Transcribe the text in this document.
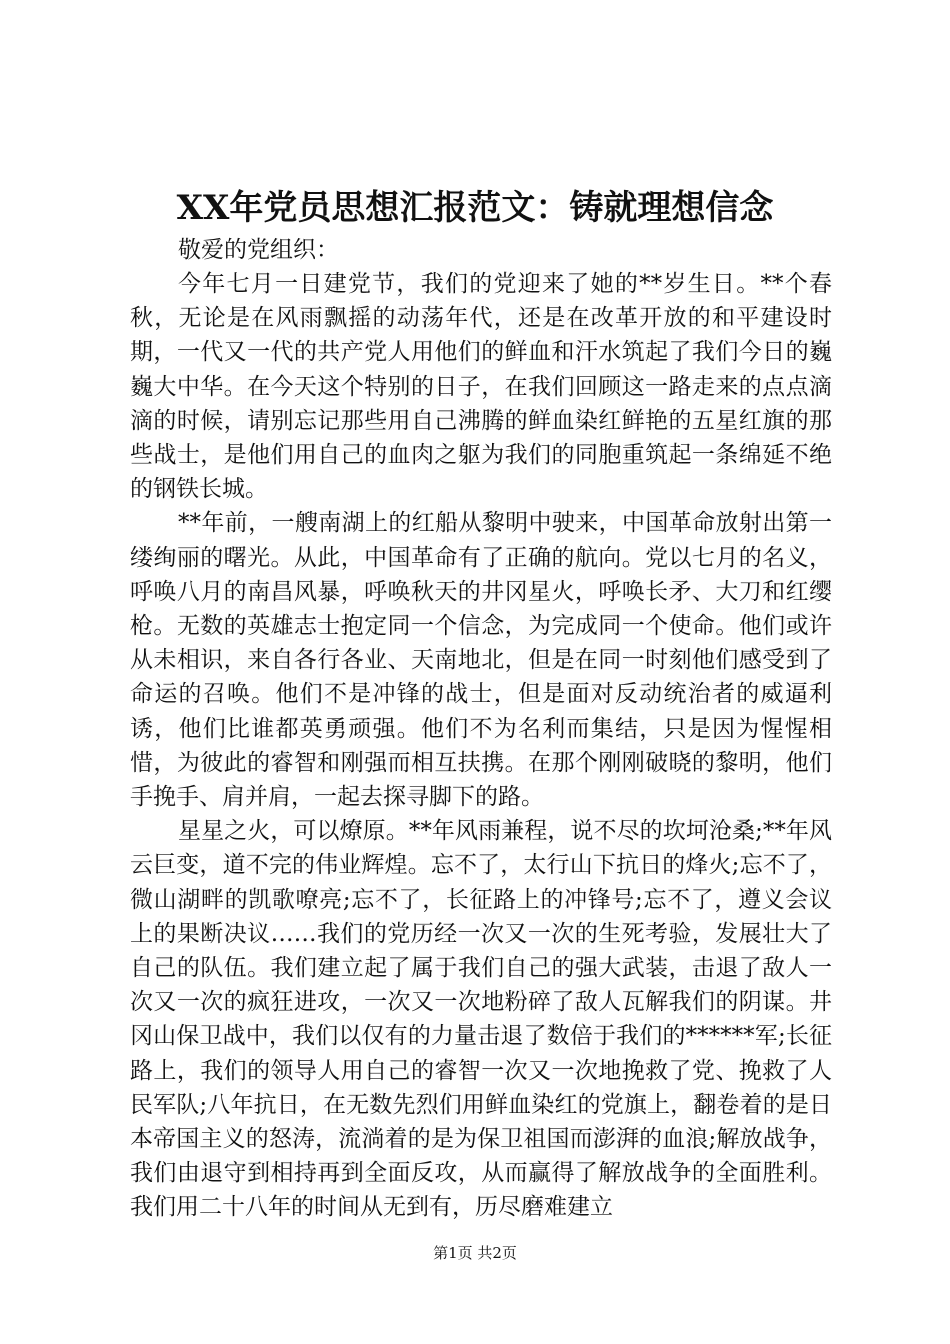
XX年党员思想汇报范文：铸就理想信念

敬爱的党组织：

今年七月一日建党节，我们的党迎来了她的**岁生日。**个春秋，无论是在风雨飘摇的动荡年代，还是在改革开放的和平建设时期，一代又一代的共产党人用他们的鲜血和汗水筑起了我们今日的巍巍大中华。在今天这个特别的日子，在我们回顾这一路走来的点点滴滴的时候，请别忘记那些用自己沸腾的鲜血染红鲜艳的五星红旗的那些战士，是他们用自己的血肉之躯为我们的同胞重筑起一条绵延不绝的钢铁长城。

**年前，一艘南湖上的红船从黎明中驶来，中国革命放射出第一缕绚丽的曙光。从此，中国革命有了正确的航向。党以七月的名义，呼唤八月的南昌风暴，呼唤秋天的井冈星火，呼唤长矛、大刀和红缨枪。无数的英雄志士抱定同一个信念，为完成同一个使命。他们或许从未相识，来自各行各业、天南地北，但是在同一时刻他们感受到了命运的召唤。他们不是冲锋的战士，但是面对反动统治者的威逼利诱，他们比谁都英勇顽强。他们不为名利而集结，只是因为惺惺相惜，为彼此的睿智和刚强而相互扶携。在那个刚刚破晓的黎明，他们手挽手、肩并肩，一起去探寻脚下的路。

星星之火，可以燎原。**年风雨兼程，说不尽的坎坷沧桑;**年风云巨变，道不完的伟业辉煌。忘不了，太行山下抗日的烽火;忘不了，微山湖畔的凯歌嘹亮;忘不了，长征路上的冲锋号;忘不了，遵义会议上的果断决议……我们的党历经一次又一次的生死考验，发展壮大了自己的队伍。我们建立起了属于我们自己的强大武装，击退了敌人一次又一次的疯狂进攻，一次又一次地粉碎了敌人瓦解我们的阴谋。井冈山保卫战中，我们以仅有的力量击退了数倍于我们的******军;长征路上，我们的领导人用自己的睿智一次又一次地挽救了党、挽救了人民军队;八年抗日，在无数先烈们用鲜血染红的党旗上，翻卷着的是日本帝国主义的怒涛，流淌着的是为保卫祖国而澎湃的血浪;解放战争，我们由退守到相持再到全面反攻，从而赢得了解放战争的全面胜利。我们用二十八年的时间从无到有，历尽磨难建立

第1页 共2页
